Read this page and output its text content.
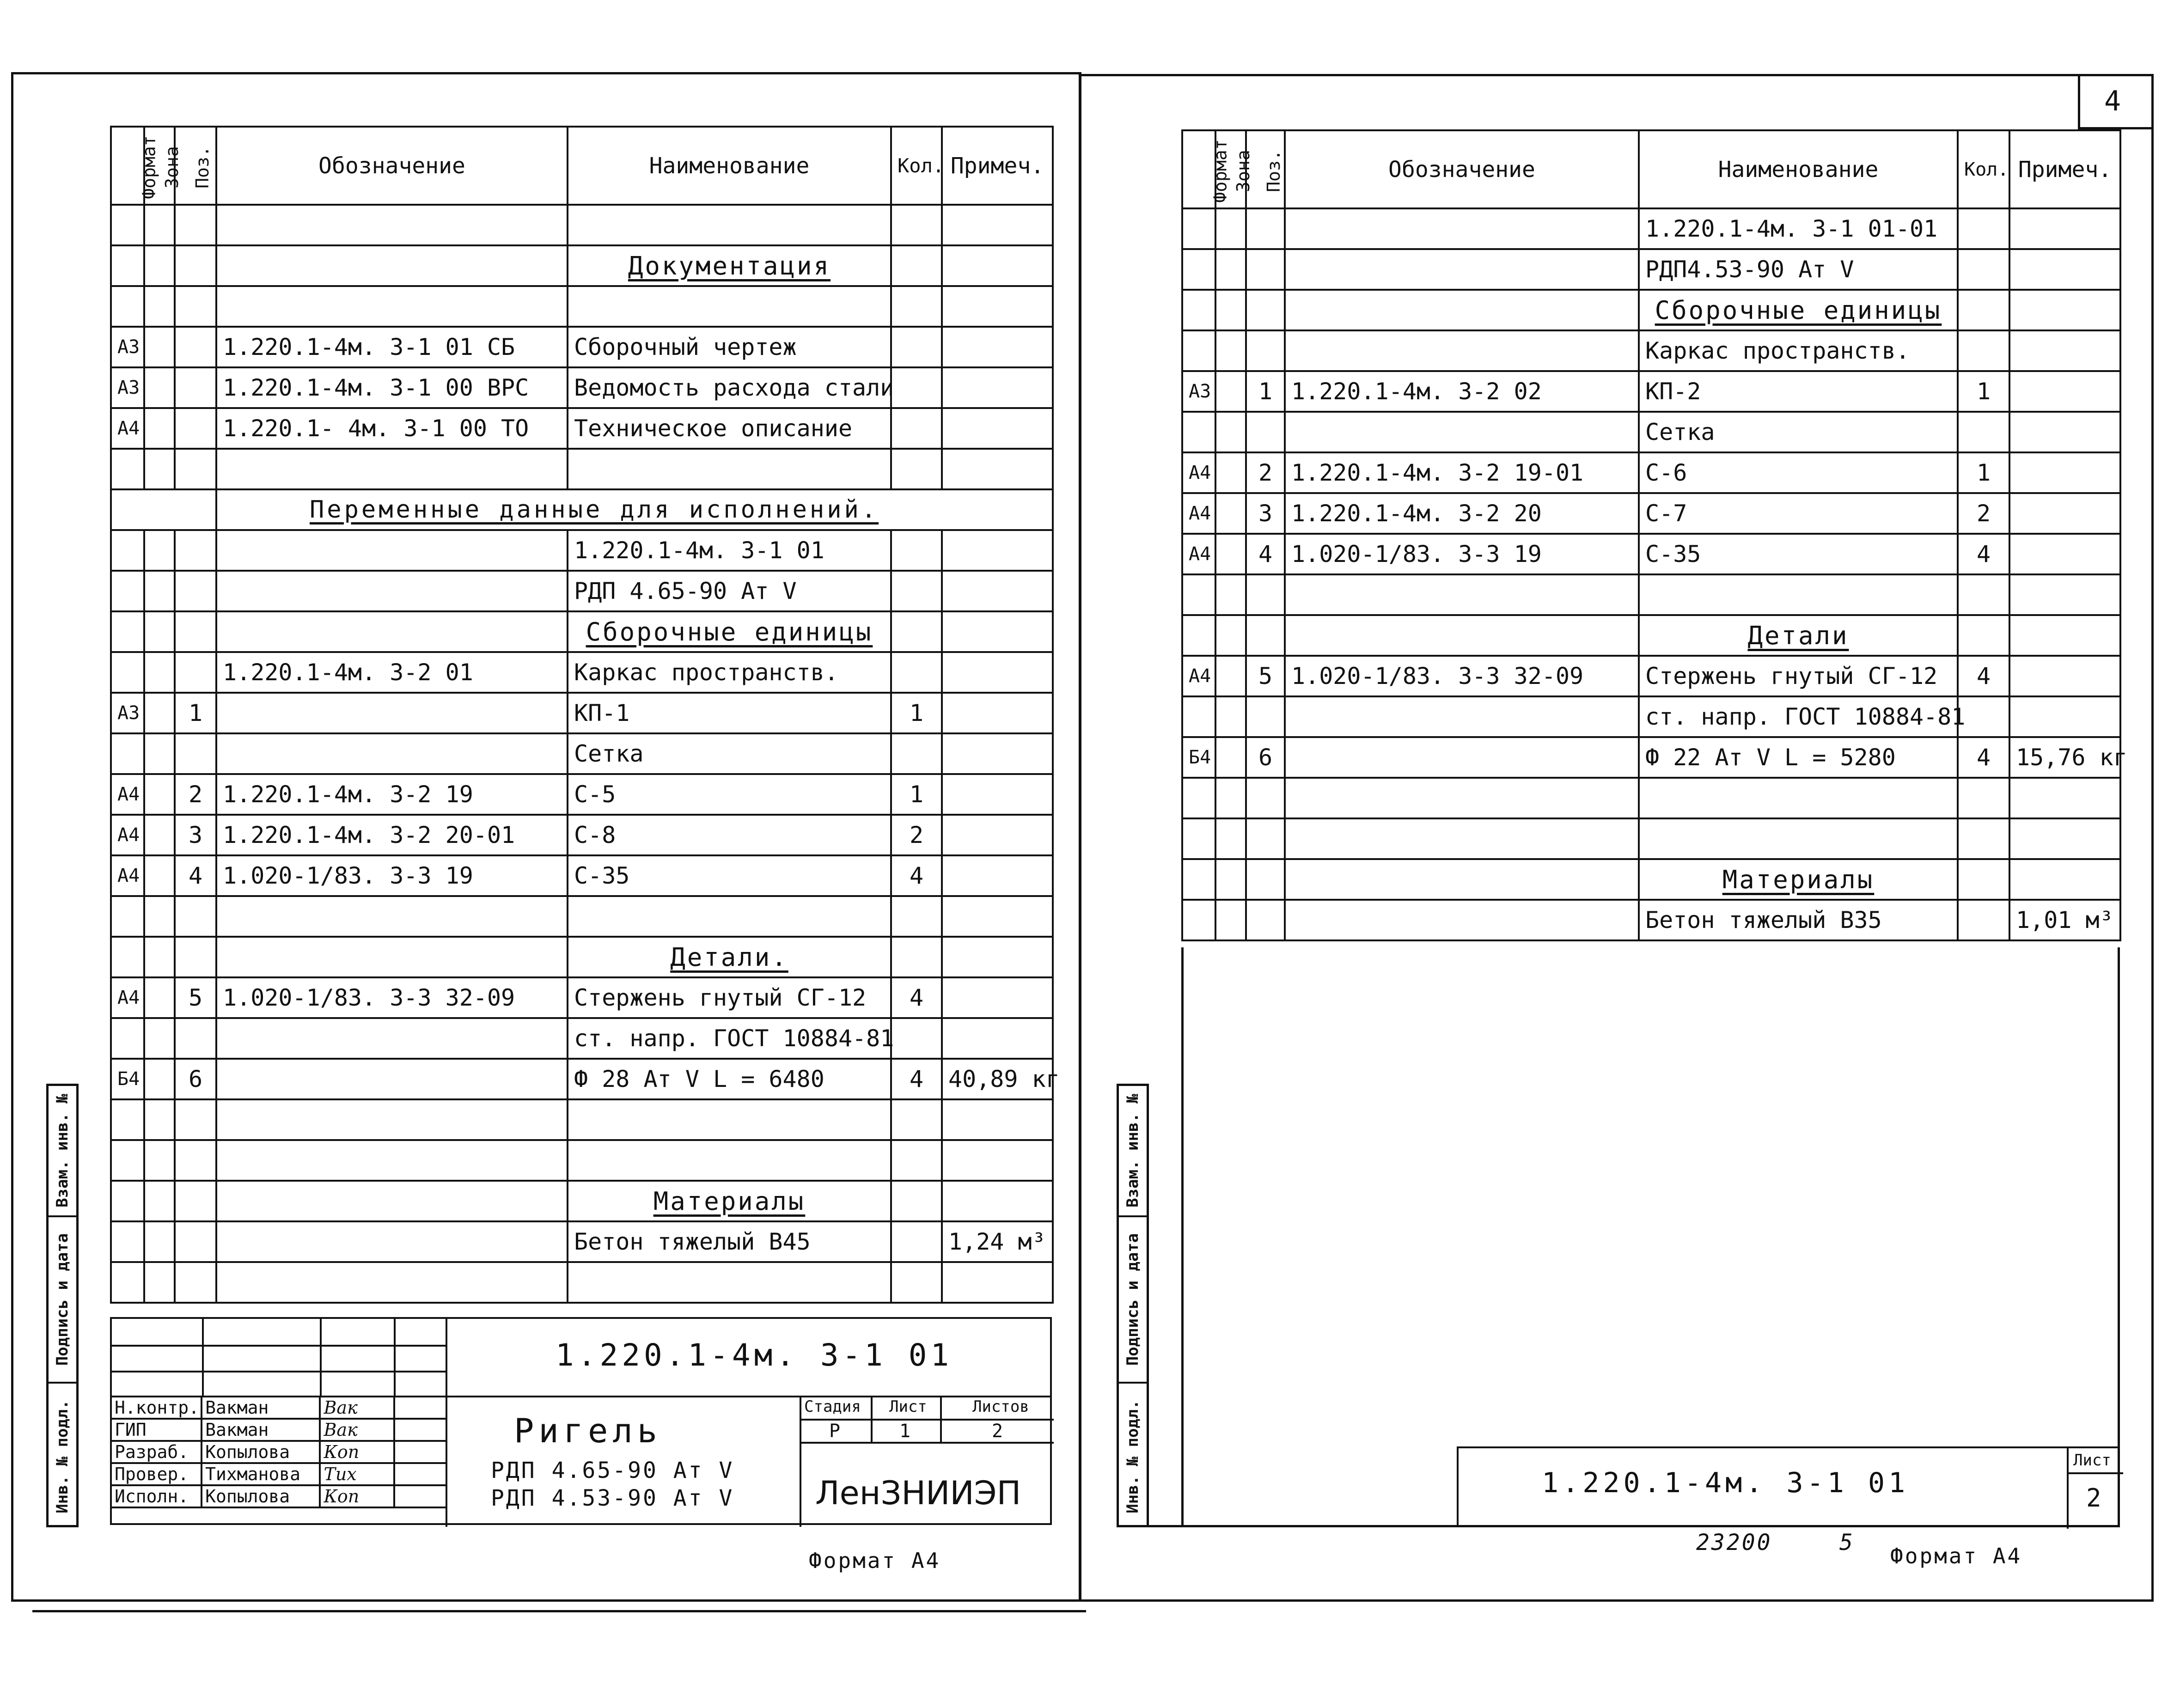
Формат	Зона	Поз.	Обозначение	Наименование	Кол.	Примеч.

				Документация		

А3			1.220.1-4м. 3-1 01 СБ	Сборочный чертеж		
А3			1.220.1-4м. 3-1 00 ВРС	Ведомость расхода стали		
А4			1.220.1- 4м. 3-1 00 ТО	Техническое описание		

			Переменные данные для исполнений.			
				1.220.1-4м. 3-1 01		
				РДП 4.65-90 Ат V		
				Сборочные единицы		
			1.220.1-4м. 3-2 01	Каркас пространств.		
А3		1		КП-1	1	
				Сетка		
А4		2	1.220.1-4м. 3-2 19	С-5	1	
А4		3	1.220.1-4м. 3-2 20-01	С-8	2	
А4		4	1.020-1/83. 3-3 19	С-35	4	

				Детали.		
А4		5	1.020-1/83. 3-3 32-09	Стержень гнутый СГ-12	4	
				ст. напр. ГОСТ 10884-81		
Б4		6		Ф 28 Ат V L = 6480	4	40,89 кг

				Материалы		
				Бетон тяжелый В45		1,24 м³

Взам. инв. №
Подпись и дата
Инв. № подл.
1.220.1-4м. 3-1 01
Н.контр.	Вакман	Вак	
ГИП	Вакман	Вак	
Разраб.	Копылова	Коп	
Провер.	Тихманова	Тих	
Исполн.	Копылова	Коп	
Ригель
РДП 4.65-90 Ат V
РДП 4.53-90 Ат V
Стадия Лист	Листов
Р	1	2
ЛенЗНИИЭП
Формат А4
4
Формат	Зона	Поз.	Обозначение	Наименование	Кол.	Примеч.
				1.220.1-4м. 3-1 01-01		
				РДП4.53-90 Ат V		
				Сборочные единицы		
				Каркас пространств.		
А3		1	1.220.1-4м. 3-2 02	КП-2	1	
				Сетка		
А4		2	1.220.1-4м. 3-2 19-01	С-6	1	
А4		3	1.220.1-4м. 3-2 20	С-7	2	
А4		4	1.020-1/83. 3-3 19	С-35	4	

				Детали		
А4		5	1.020-1/83. 3-3 32-09	Стержень гнутый СГ-12	4	
				ст. напр. ГОСТ 10884-81		
Б4		6		Ф 22 Ат V L = 5280	4	15,76 кг

				Материалы		
				Бетон тяжелый В35		1,01 м³
Взам. инв. №
Подпись и дата
Инв. № подл.	1.220.1-4м. 3-1 01
Лист
2
23200	5
Формат А4
